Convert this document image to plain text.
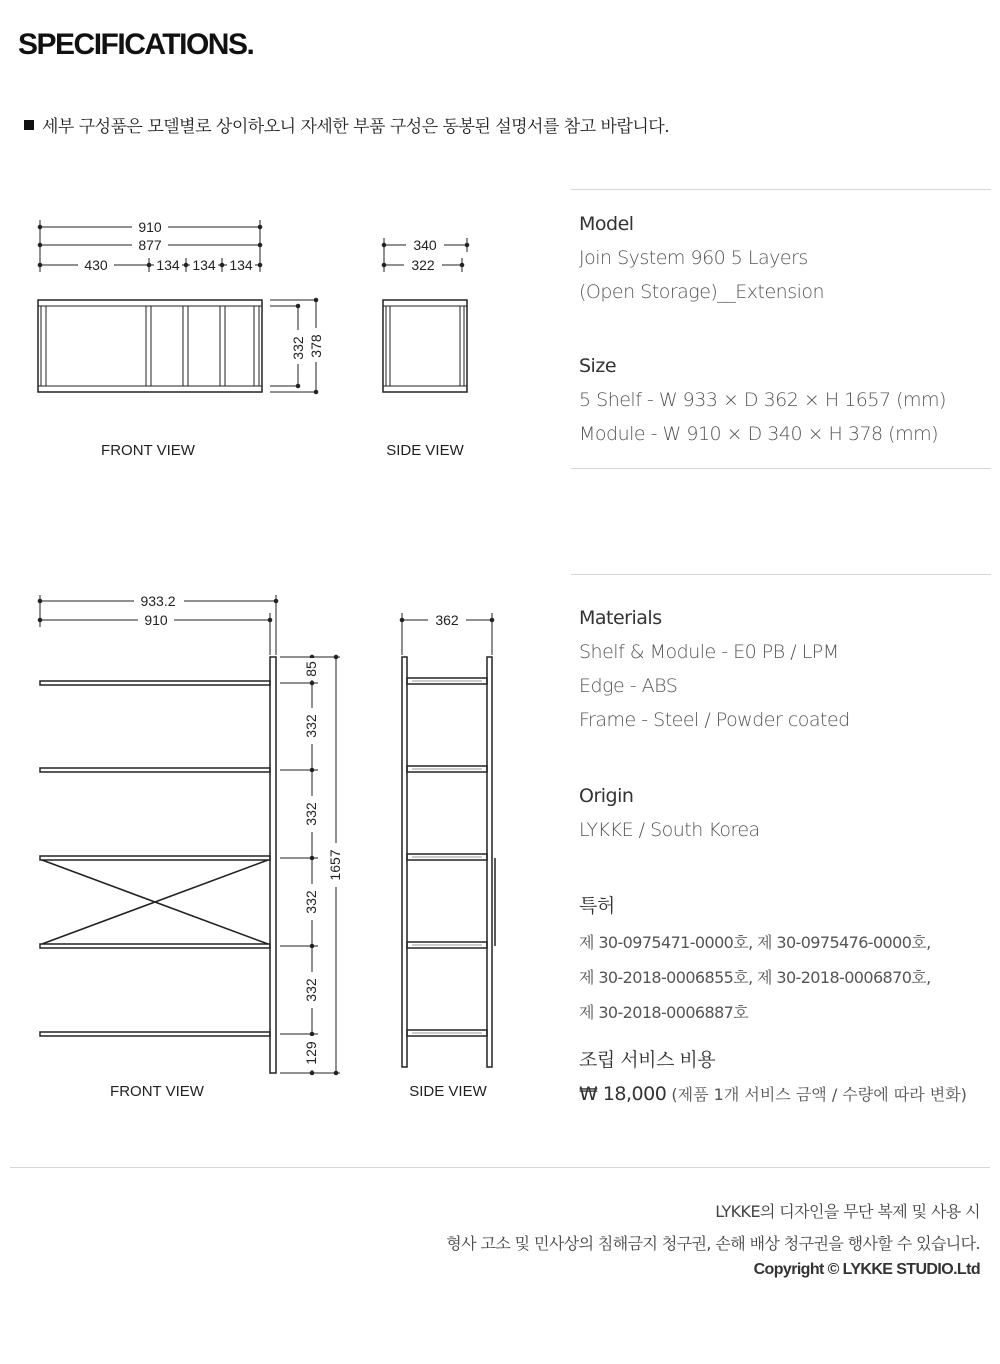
SPECIFICATIONS.
세부 구성품은 모델별로 상이하오니 자세한 부품 구성은 동봉된 설명서를 참고 바랍니다.
910
877
430	134 134 134
332 378
340
322
FRONT VIEW	SIDE VIEW
933.2
910
85
332
332
332
332
129
1657
362
FRONT VIEW	SIDE VIEW
Model
Join System 960 5 Layers
(Open Storage)__Extension
Size
5 Shelf - W 933 × D 362 × H 1657 (mm)
Module - W 910 × D 340 × H 378 (mm)
Materials
Shelf & Module - E0 PB / LPM
Edge - ABS
Frame - Steel / Powder coated
Origin
LYKKE / South Korea
특허
제 30-0975471-0000호, 제 30-0975476-0000호,
제 30-2018-0006855호, 제 30-2018-0006870호,
제 30-2018-0006887호
조립 서비스 비용
₩ 18,000 (제품 1개 서비스 금액 / 수량에 따라 변화)
LYKKE의 디자인을 무단 복제 및 사용 시
형사 고소 및 민사상의 침해금지 청구권, 손해 배상 청구권을 행사할 수 있습니다.
Copyright © LYKKE STUDIO.Ltd
